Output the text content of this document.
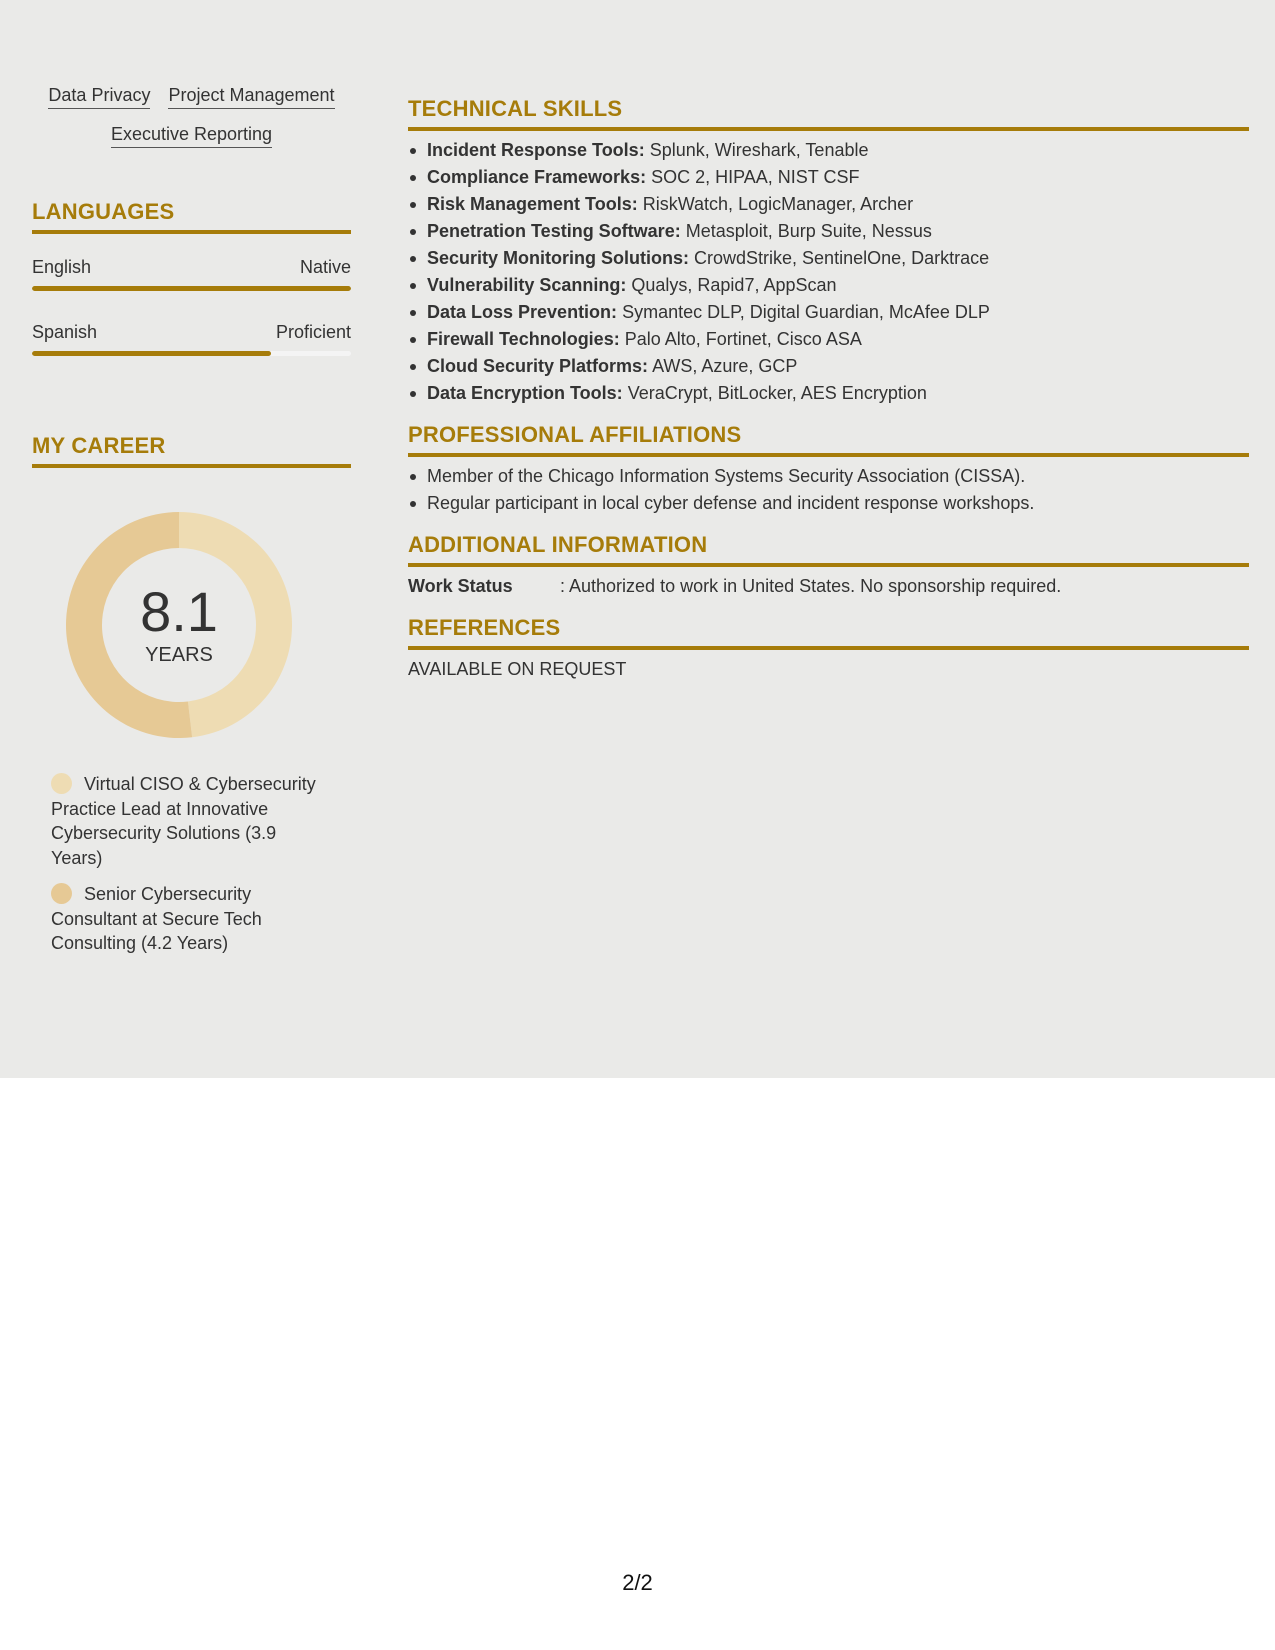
Data Privacy Project Management
Executive Reporting
LANGUAGES
English	Native
Spanish	Proficient
MY CAREER
8.1
YEARS
Virtual CISO & Cybersecurity Practice Lead at Innovative Cybersecurity Solutions (3.9 Years)
Senior Cybersecurity Consultant at Secure Tech Consulting (4.2 Years)
TECHNICAL SKILLS
Incident Response Tools: Splunk, Wireshark, Tenable
Compliance Frameworks: SOC 2, HIPAA, NIST CSF
Risk Management Tools: RiskWatch, LogicManager, Archer
Penetration Testing Software: Metasploit, Burp Suite, Nessus
Security Monitoring Solutions: CrowdStrike, SentinelOne, Darktrace
Vulnerability Scanning: Qualys, Rapid7, AppScan
Data Loss Prevention: Symantec DLP, Digital Guardian, McAfee DLP
Firewall Technologies: Palo Alto, Fortinet, Cisco ASA
Cloud Security Platforms: AWS, Azure, GCP
Data Encryption Tools: VeraCrypt, BitLocker, AES Encryption
PROFESSIONAL AFFILIATIONS
Member of the Chicago Information Systems Security Association (CISSA).
Regular participant in local cyber defense and incident response workshops.
ADDITIONAL INFORMATION
Work Status	: Authorized to work in United States. No sponsorship required.
REFERENCES
AVAILABLE ON REQUEST
2/2
